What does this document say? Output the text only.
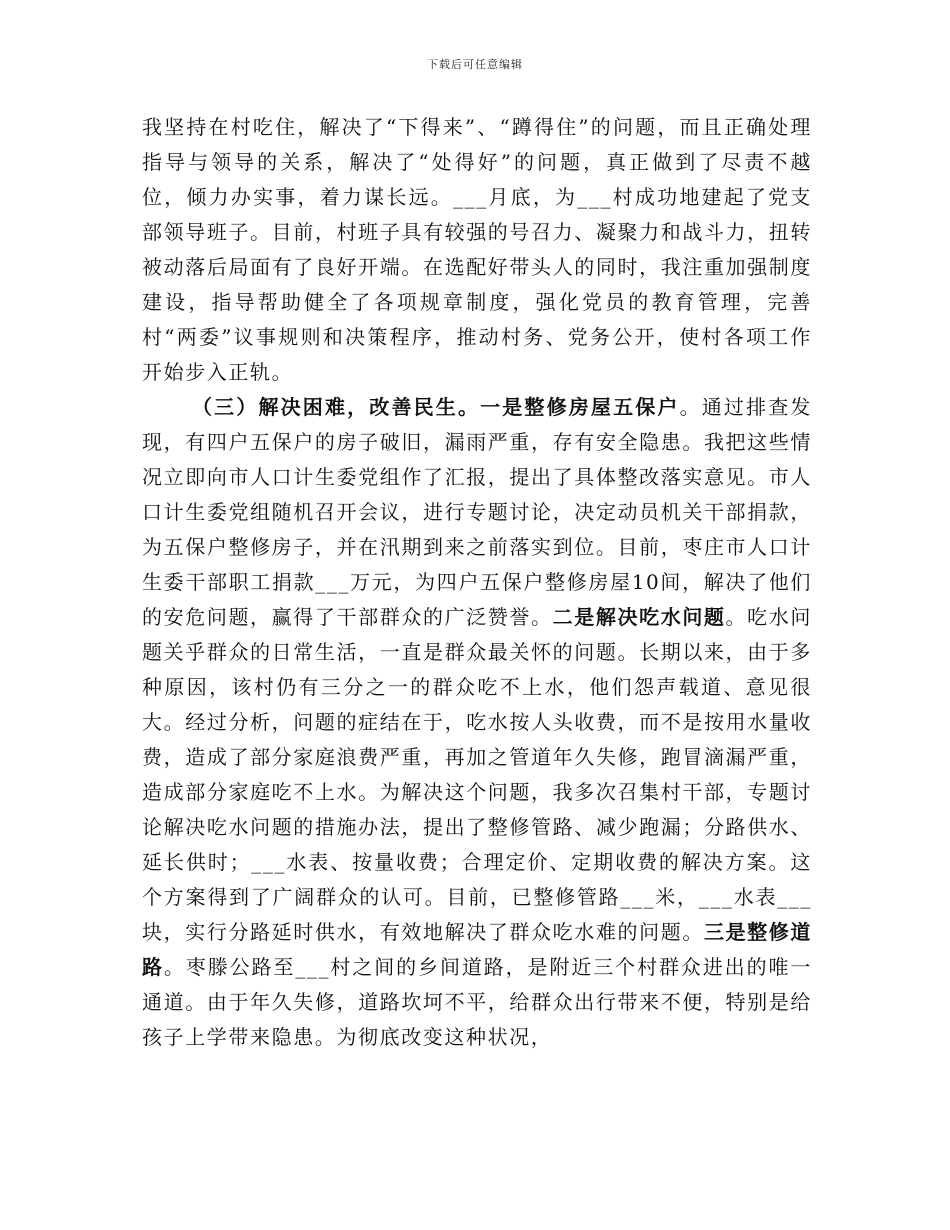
下载后可任意编辑

我坚持在村吃住，解决了“下得来”、“蹲得住”的问题，而且正确处理指导与领导的关系，解决了“处得好”的问题，真正做到了尽责不越位，倾力办实事，着力谋长远。___月底，为___村成功地建起了党支部领导班子。目前，村班子具有较强的号召力、凝聚力和战斗力，扭转被动落后局面有了良好开端。在选配好带头人的同时，我注重加强制度建设，指导帮助健全了各项规章制度，强化党员的教育管理，完善村“两委”议事规则和决策程序，推动村务、党务公开，使村各项工作开始步入正轨。

（三）解决困难，改善民生。一是整修房屋五保户。通过排查发现，有四户五保户的房子破旧，漏雨严重，存有安全隐患。我把这些情况立即向市人口计生委党组作了汇报，提出了具体整改落实意见。市人口计生委党组随机召开会议，进行专题讨论，决定动员机关干部捐款，为五保户整修房子，并在汛期到来之前落实到位。目前，枣庄市人口计生委干部职工捐款___万元，为四户五保户整修房屋10间，解决了他们的安危问题，赢得了干部群众的广泛赞誉。二是解决吃水问题。吃水问题关乎群众的日常生活，一直是群众最关怀的问题。长期以来，由于多种原因，该村仍有三分之一的群众吃不上水，他们怨声载道、意见很大。经过分析，问题的症结在于，吃水按人头收费，而不是按用水量收费，造成了部分家庭浪费严重，再加之管道年久失修，跑冒滴漏严重，造成部分家庭吃不上水。为解决这个问题，我多次召集村干部，专题讨论解决吃水问题的措施办法，提出了整修管路、减少跑漏；分路供水、延长供时；___水表、按量收费；合理定价、定期收费的解决方案。这个方案得到了广阔群众的认可。目前，已整修管路___米，___水表___块，实行分路延时供水，有效地解决了群众吃水难的问题。三是整修道路。枣滕公路至___村之间的乡间道路，是附近三个村群众进出的唯一通道。由于年久失修，道路坎坷不平，给群众出行带来不便，特别是给孩子上学带来隐患。为彻底改变这种状况，
